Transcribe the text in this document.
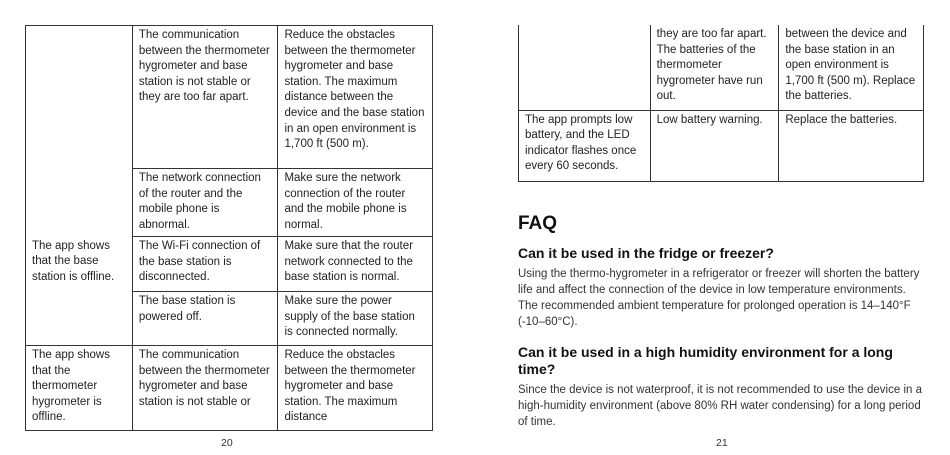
	The communication between the thermometer hygrometer and base station is not stable or they are too far apart.	Reduce the obstacles between the thermometer hygrometer and base station. The maximum distance between the device and the base station in an open environment is 1,700 ft (500 m).
	The network connection of the router and the mobile phone is abnormal.	Make sure the network connection of the router and the mobile phone is normal.
The app shows that the base station is offline.	The Wi-Fi connection of the base station is disconnected.	Make sure that the router network connected to the base station is normal.
	The base station is powered off.	Make sure the power supply of the base station is connected normally.
The app shows that the thermometer hygrometer is offline.	The communication between the thermometer hygrometer and base station is not stable or	Reduce the obstacles between the thermometer hygrometer and base station. The maximum distance
20
	they are too far apart. The batteries of the thermometer hygrometer have run out.	between the device and the base station in an open environment is 1,700 ft (500 m). Replace the batteries.
The app prompts low battery, and the LED indicator flashes once every 60 seconds.	Low battery warning.	Replace the batteries.
FAQ

Can it be used in the fridge or freezer?

Using the thermo-hygrometer in a refrigerator or freezer will shorten the battery life and affect the connection of the device in low temperature environments. The recommended ambient temperature for prolonged operation is 14–140°F (-10–60°C).

Can it be used in a high humidity environment for a long time?

Since the device is not waterproof, it is not recommended to use the device in a high-humidity environment (above 80% RH water condensing) for a long period of time.

21
